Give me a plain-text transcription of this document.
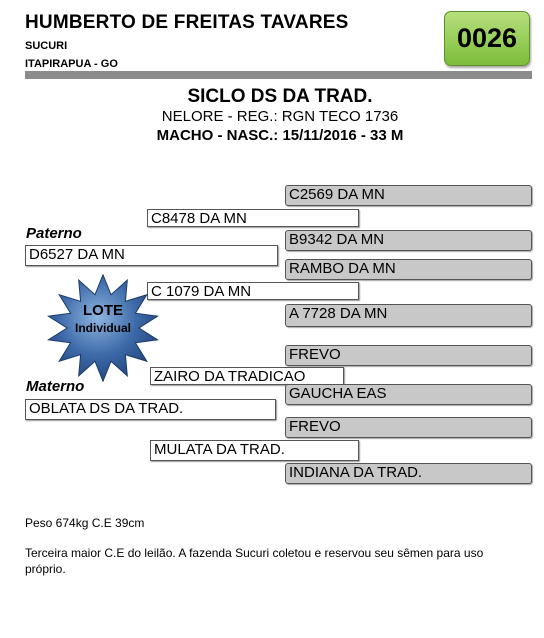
HUMBERTO DE FREITAS TAVARES
SUCURI
ITAPIRAPUA - GO
0026
SICLO DS DA TRAD.
NELORE - REG.: RGN TECO 1736
MACHO - NASC.: 15/11/2016 - 33 M
C2569 DA MN
C8478 DA MN
Paterno	B9342 DA MN
D6527 DA MN
RAMBO DA MN
C 1079 DA MN
A 7728 DA MN
LOTE
Individual
FREVO
ZAIRO DA TRADICAO
Materno	GAUCHA EAS
OBLATA DS DA TRAD.
FREVO
MULATA DA TRAD.
INDIANA DA TRAD.
Peso 674kg C.E 39cm
Terceira maior C.E do leilão. A fazenda Sucuri coletou e reservou seu sêmen para uso próprio.
